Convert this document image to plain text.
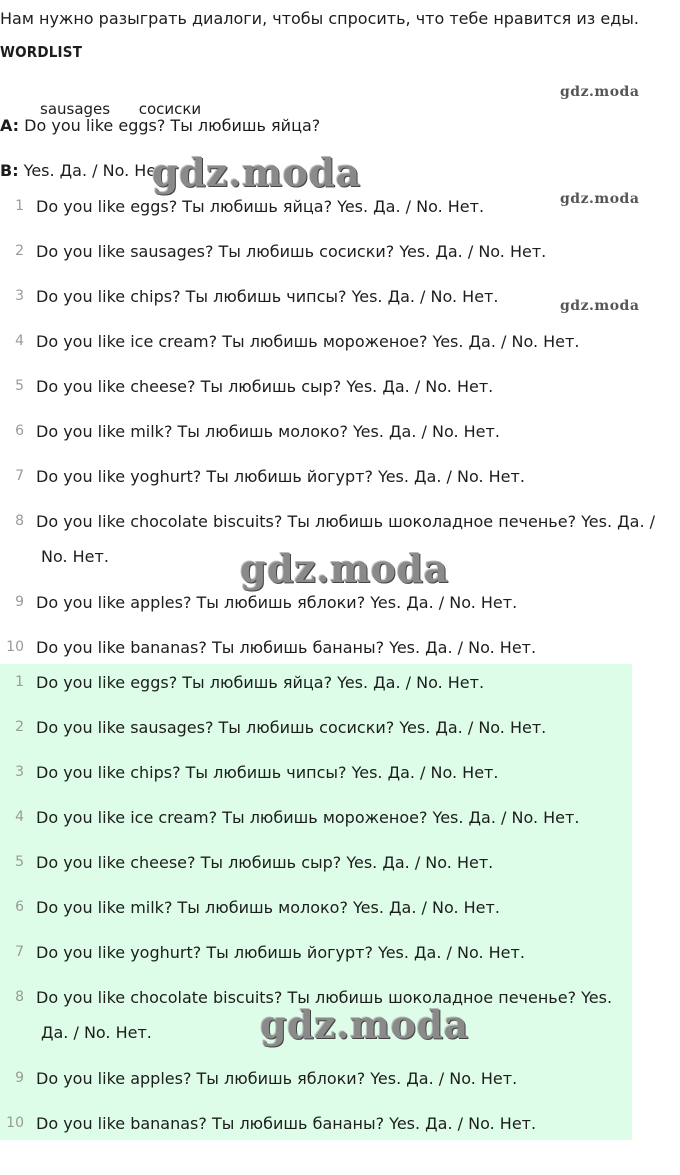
Нам нужно разыграть диалоги, чтобы спросить, что тебе нравится из еды.
WORDLIST
sausages      сосиски
A: Do you like eggs? Ты любишь яйца?
B: Yes. Да. / No. Нет.
1 Do you like eggs? Ты любишь яйца? Yes. Да. / No. Нет.
2 Do you like sausages? Ты любишь сосиски? Yes. Да. / No. Нет.
3 Do you like chips? Ты любишь чипсы? Yes. Да. / No. Нет.
4 Do you like ice cream? Ты любишь мороженое? Yes. Да. / No. Нет.
5 Do you like cheese? Ты любишь сыр? Yes. Да. / No. Нет.
6 Do you like milk? Ты любишь молоко? Yes. Да. / No. Нет.
7 Do you like yoghurt? Ты любишь йогурт? Yes. Да. / No. Нет.
8 Do you like chocolate biscuits? Ты любишь шоколадное печенье? Yes. Да. /
No. Нет.
9 Do you like apples? Ты любишь яблоки? Yes. Да. / No. Нет.
10 Do you like bananas? Ты любишь бананы? Yes. Да. / No. Нет.
1 Do you like eggs? Ты любишь яйца? Yes. Да. / No. Нет.
2 Do you like sausages? Ты любишь сосиски? Yes. Да. / No. Нет.
3 Do you like chips? Ты любишь чипсы? Yes. Да. / No. Нет.
4 Do you like ice cream? Ты любишь мороженое? Yes. Да. / No. Нет.
5 Do you like cheese? Ты любишь сыр? Yes. Да. / No. Нет.
6 Do you like milk? Ты любишь молоко? Yes. Да. / No. Нет.
7 Do you like yoghurt? Ты любишь йогурт? Yes. Да. / No. Нет.
8 Do you like chocolate biscuits? Ты любишь шоколадное печенье? Yes.
Да. / No. Нет.
9 Do you like apples? Ты любишь яблоки? Yes. Да. / No. Нет.
10 Do you like bananas? Ты любишь бананы? Yes. Да. / No. Нет.
gdz.moda
gdz.moda
gdz.moda
gdz.moda
gdz.moda
gdz.moda
